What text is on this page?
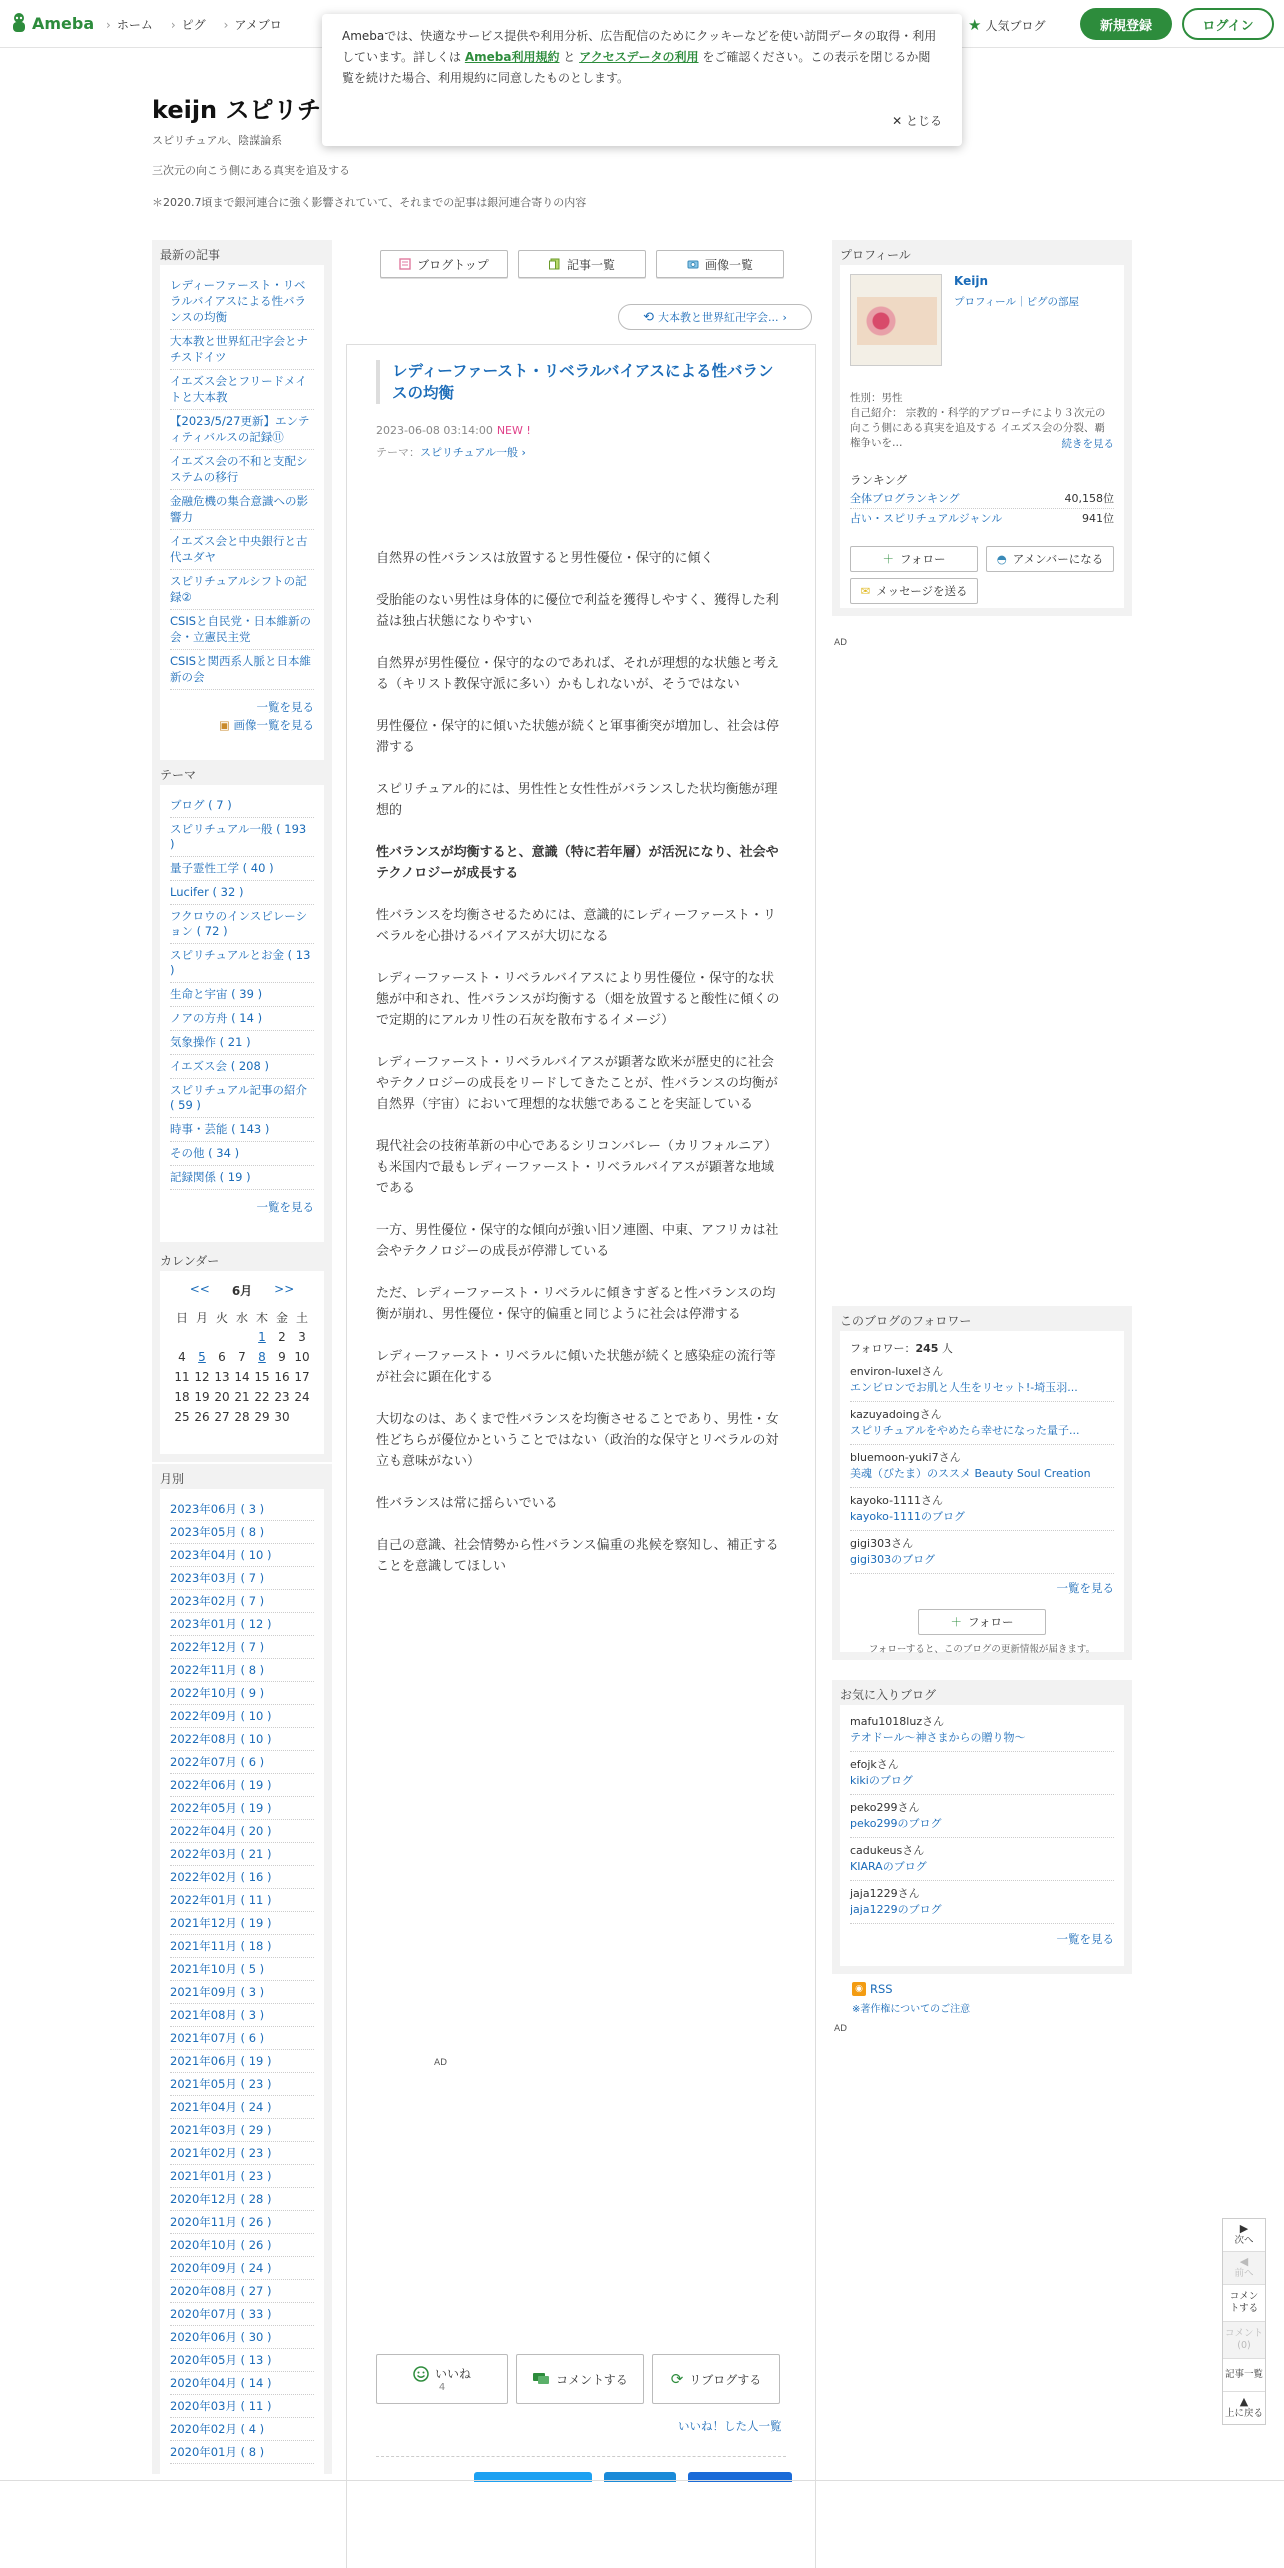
Ameba	› ホーム	› ピグ	› アメブロ	★ 人気ブログ	新規登録	ログイン
Amebaでは、快適なサービス提供や利用分析、広告配信のためにクッキーなどを使い訪問データの取得・利用しています。詳しくは Ameba利用規約 と アクセスデータの利用 をご確認ください。この表示を閉じるか閲覧を続けた場合、利用規約に同意したものとします。
✕ とじる
keijn スピリチ
スピリチュアル、陰謀論系
三次元の向こう側にある真実を追及する
＊2020.7頃まで銀河連合に強く影響されていて、それまでの記事は銀河連合寄りの内容
最新の記事
レディーファースト・リベラルバイアスによる性バランスの均衡
大本教と世界紅卍字会とナチスドイツ
イエズス会とフリードメイトと大本教
【2023/5/27更新】エンティティバルスの記録⑪
イエズス会の不和と支配システムの移行
金融危機の集合意識への影響力
イエズス会と中央銀行と古代ユダヤ
スピリチュアルシフトの記録②
CSISと自民党・日本維新の会・立憲民主党
CSISと関西系人脈と日本維新の会
一覧を見る
▣ 画像一覧を見る
テーマ
ブログ ( 7 )
スピリチュアル一般 ( 193 )
量子霊性工学 ( 40 )
Lucifer ( 32 )
フクロウのインスピレーション ( 72 )
スピリチュアルとお金 ( 13 )
生命と宇宙 ( 39 )
ノアの方舟 ( 14 )
気象操作 ( 21 )
イエズス会 ( 208 )
スピリチュアル記事の紹介 ( 59 )
時事・芸能 ( 143 )
その他 ( 34 )
記録関係 ( 19 )
一覧を見る
カレンダー
<< 6月 >>
日	月	火	水	木	金	土
				1	2	3
4	5	6	7	8	9	10
11	12	13	14	15	16	17
18	19	20	21	22	23	24
25	26	27	28	29	30	
月別
2023年06月 ( 3 )
2023年05月 ( 8 )
2023年04月 ( 10 )
2023年03月 ( 7 )
2023年02月 ( 7 )
2023年01月 ( 12 )
2022年12月 ( 7 )
2022年11月 ( 8 )
2022年10月 ( 9 )
2022年09月 ( 10 )
2022年08月 ( 10 )
2022年07月 ( 6 )
2022年06月 ( 19 )
2022年05月 ( 19 )
2022年04月 ( 20 )
2022年03月 ( 21 )
2022年02月 ( 16 )
2022年01月 ( 11 )
2021年12月 ( 19 )
2021年11月 ( 18 )
2021年10月 ( 5 )
2021年09月 ( 3 )
2021年08月 ( 3 )
2021年07月 ( 6 )
2021年06月 ( 19 )
2021年05月 ( 23 )
2021年04月 ( 24 )
2021年03月 ( 29 )
2021年02月 ( 23 )
2021年01月 ( 23 )
2020年12月 ( 28 )
2020年11月 ( 26 )
2020年10月 ( 26 )
2020年09月 ( 24 )
2020年08月 ( 27 )
2020年07月 ( 33 )
2020年06月 ( 30 )
2020年05月 ( 13 )
2020年04月 ( 14 )
2020年03月 ( 11 )
2020年02月 ( 4 )
2020年01月 ( 8 )
ブログトップ	記事一覧	画像一覧
⟲ 大本教と世界紅卍字会... ›
レディーファースト・リベラルバイアスによる性バランスの均衡
2023-06-08 03:14:00 NEW !
テーマ：スピリチュアル一般 ›

自然界の性バランスは放置すると男性優位・保守的に傾く

受胎能のない男性は身体的に優位で利益を獲得しやすく、獲得した利益は独占状態になりやすい

自然界が男性優位・保守的なのであれば、それが理想的な状態と考える（キリスト教保守派に多い）かもしれないが、そうではない

男性優位・保守的に傾いた状態が続くと軍事衝突が増加し、社会は停滞する

スピリチュアル的には、男性性と女性性がバランスした状均衡態が理想的

性バランスが均衡すると、意識（特に若年層）が活況になり、社会やテクノロジーが成長する

性バランスを均衡させるためには、意識的にレディーファースト・リベラルを心掛けるバイアスが大切になる

レディーファースト・リベラルバイアスにより男性優位・保守的な状態が中和され、性バランスが均衡する（畑を放置すると酸性に傾くので定期的にアルカリ性の石灰を散布するイメージ）

レディーファースト・リベラルバイアスが顕著な欧米が歴史的に社会やテクノロジーの成長をリードしてきたことが、性バランスの均衡が自然界（宇宙）において理想的な状態であることを実証している

現代社会の技術革新の中心であるシリコンバレー（カリフォルニア）も米国内で最もレディーファースト・リベラルバイアスが顕著な地域である

一方、男性優位・保守的な傾向が強い旧ソ連圏、中東、アフリカは社会やテクノロジーの成長が停滞している

ただ、レディーファースト・リベラルに傾きすぎると性バランスの均衡が崩れ、男性優位・保守的偏重と同じように社会は停滞する

レディーファースト・リベラルに傾いた状態が続くと感染症の流行等が社会に顕在化する

大切なのは、あくまで性バランスを均衡させることであり、男性・女性どちらが優位かということではない（政治的な保守とリベラルの対立も意味がない）

性バランスは常に揺らいでいる

自己の意識、社会情勢から性バランス偏重の兆候を察知し、補正することを意識してほしい

AD
いいね
4
コメントする	⟳ リブログする
いいね！した人一覧
プロフィール
Keijn
プロフィール｜ピグの部屋
性別：男性
自己紹介： 宗教的・科学的アプローチにより３次元の向こう側にある真実を追及する イエズス会の分裂、覇権争いを…	続きを見る
ランキング
全体ブログランキング	40,158位
占い・スピリチュアルジャンル	941位
＋ フォロー	◓ アメンバーになる
✉ メッセージを送る
AD
このブログのフォロワー
フォロワー：245 人
environ-luxelさん
エンビロンでお肌と人生をリセット!-埼玉羽...
kazuyadoingさん
スピリチュアルをやめたら幸せになった量子...
bluemoon-yuki7さん
美魂（びたま）のススメ Beauty Soul Creation
kayoko-1111さん
kayoko-1111のブログ
gigi303さん
gigi303のブログ
一覧を見る
＋ フォロー
フォローすると、このブログの更新情報が届きます。
お気に入りブログ
mafu1018luzさん
テオドール〜神さまからの贈り物〜
efojkさん
kikiのブログ
peko299さん
peko299のブログ
cadukeusさん
KIARAのブログ
jaja1229さん
jaja1229のブログ
一覧を見る
◉ RSS
※著作権についてのご注意
AD
▶
次へ
◀
前へ
コメントする
コメント(0)
記事一覧
▲
上に戻る
